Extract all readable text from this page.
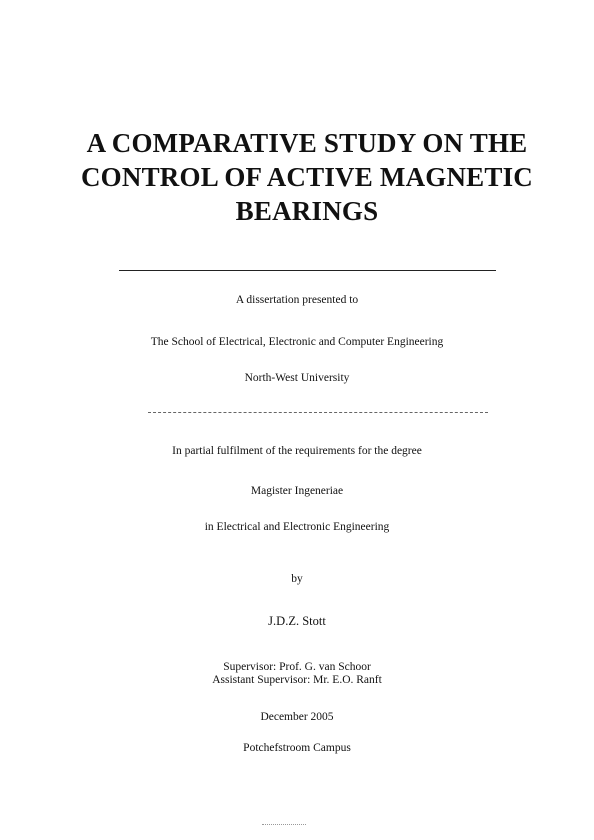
A COMPARATIVE STUDY ON THE
CONTROL OF ACTIVE MAGNETIC
BEARINGS
A dissertation presented to
The School of Electrical, Electronic and Computer Engineering
North-West University
In partial fulfilment of the requirements for the degree
Magister Ingeneriae
in Electrical and Electronic Engineering
by
J.D.Z. Stott
Supervisor: Prof. G. van Schoor
Assistant Supervisor: Mr. E.O. Ranft
December 2005
Potchefstroom Campus
